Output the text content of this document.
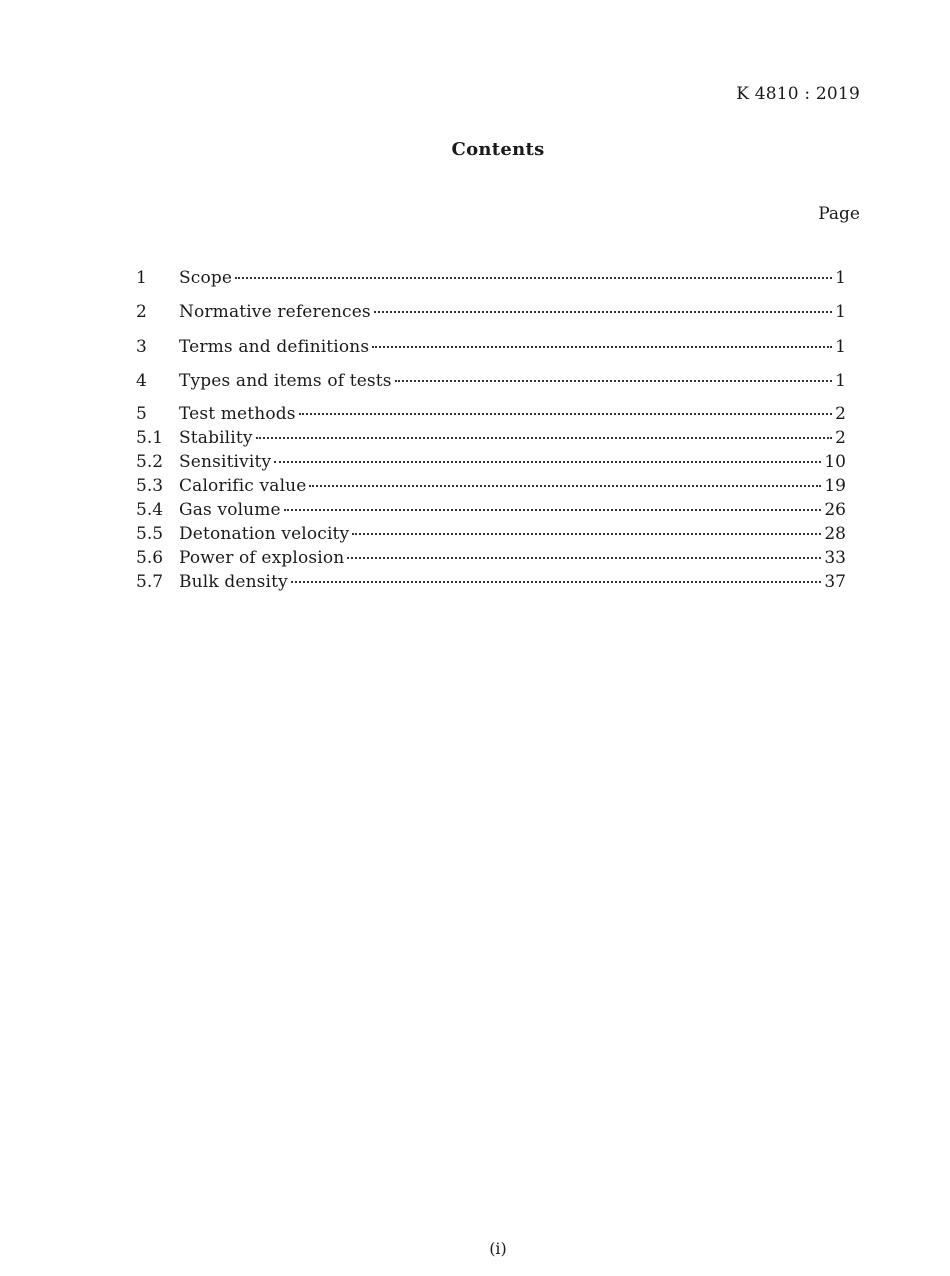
K 4810 : 2019
Contents
Page
1	Scope	1
2	Normative references	1
3	Terms and definitions	1
4	Types and items of tests	1
5	Test methods	2
5.1 Stability	2
5.2 Sensitivity	10
5.3 Calorific value	19
5.4 Gas volume	26
5.5 Detonation velocity	28
5.6 Power of explosion	33
5.7 Bulk density	37
(i)
